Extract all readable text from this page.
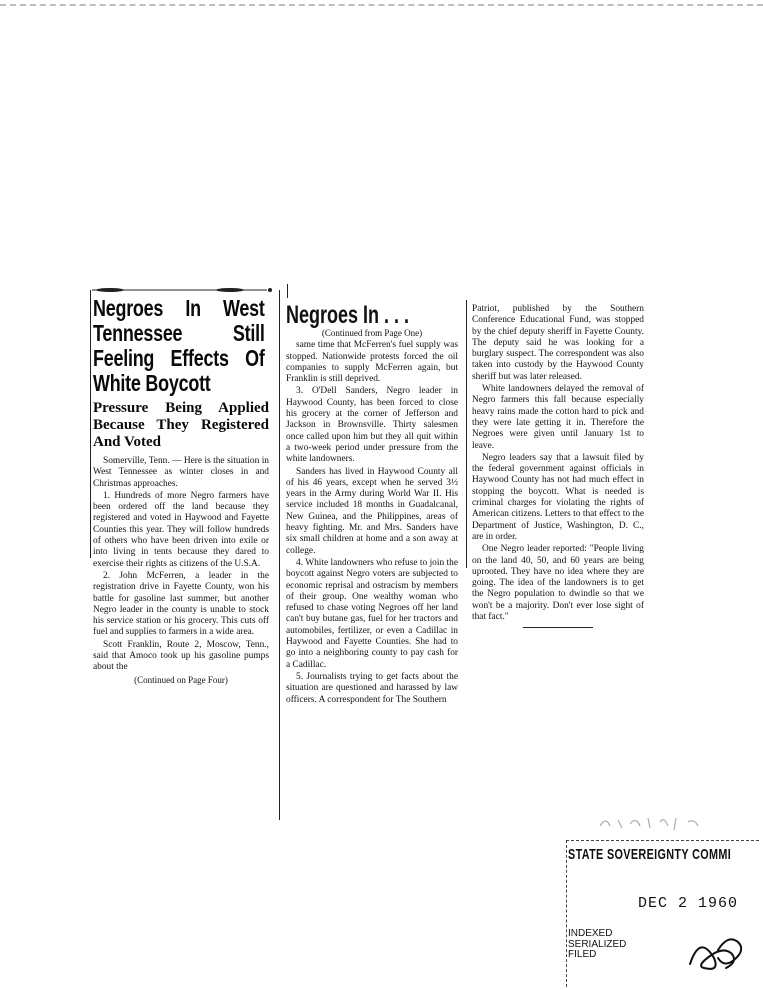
Negroes In West Tennessee Still Feeling Effects Of White Boycott
Pressure Being Applied Because They Registered And Voted

Somerville, Tenn. — Here is the situation in West Tennessee as winter closes in and Christmas approaches.

1. Hundreds of more Negro farmers have been ordered off the land because they registered and voted in Haywood and Fayette Counties this year. They will follow hundreds of others who have been driven into exile or into living in tents because they dared to exercise their rights as citizens of the U.S.A.

2. John McFerren, a leader in the registration drive in Fayette County, won his battle for gasoline last summer, but another Negro leader in the county is unable to stock his service station or his grocery. This cuts off fuel and supplies to farmers in a wide area.

Scott Franklin, Route 2, Moscow, Tenn., said that Amoco took up his gasoline pumps about the

(Continued on Page Four)

Negroes In . . .

(Continued from Page One)

same time that McFerren's fuel supply was stopped. Nationwide protests forced the oil companies to supply McFerren again, but Franklin is still deprived.

3. O'Dell Sanders, Negro leader in Haywood County, has been forced to close his grocery at the corner of Jefferson and Jackson in Brownsville. Thirty salesmen once called upon him but they all quit within a two-week period under pressure from the white landowners.

Sanders has lived in Haywood County all of his 46 years, except when he served 3½ years in the Army during World War II. His service included 18 months in Guadalcanal, New Guinea, and the Philippines, areas of heavy fighting. Mr. and Mrs. Sanders have six small children at home and a son away at college.

4. White landowners who refuse to join the boycott against Negro voters are subjected to economic reprisal and ostracism by members of their group. One wealthy woman who refused to chase voting Negroes off her land can't buy butane gas, fuel for her tractors and automobiles, fertilizer, or even a Cadillac in Haywood and Fayette Counties. She had to go into a neighboring county to pay cash for a Cadillac.

5. Journalists trying to get facts about the situation are questioned and harassed by law officers. A correspondent for The Southern

Patriot, published by the Southern Conference Educational Fund, was stopped by the chief deputy sheriff in Fayette County. The deputy said he was looking for a burglary suspect. The correspondent was also taken into custody by the Haywood County sheriff but was later released.

White landowners delayed the removal of Negro farmers this fall because especially heavy rains made the cotton hard to pick and they were late getting it in. Therefore the Negroes were given until January 1st to leave.

Negro leaders say that a lawsuit filed by the federal government against officials in Haywood County has not had much effect in stopping the boycott. What is needed is criminal charges for violating the rights of American citizens. Letters to that effect to the Department of Justice, Washington, D. C., are in order.

One Negro leader reported: "People living on the land 40, 50, and 60 years are being uprooted. They have no idea where they are going. The idea of the landowners is to get the Negro population to dwindle so that we won't be a majority. Don't ever lose sight of that fact."

STATE SOVEREIGNTY COMMI
DEC 2 1960
INDEXED
SERIALIZED
FILED
